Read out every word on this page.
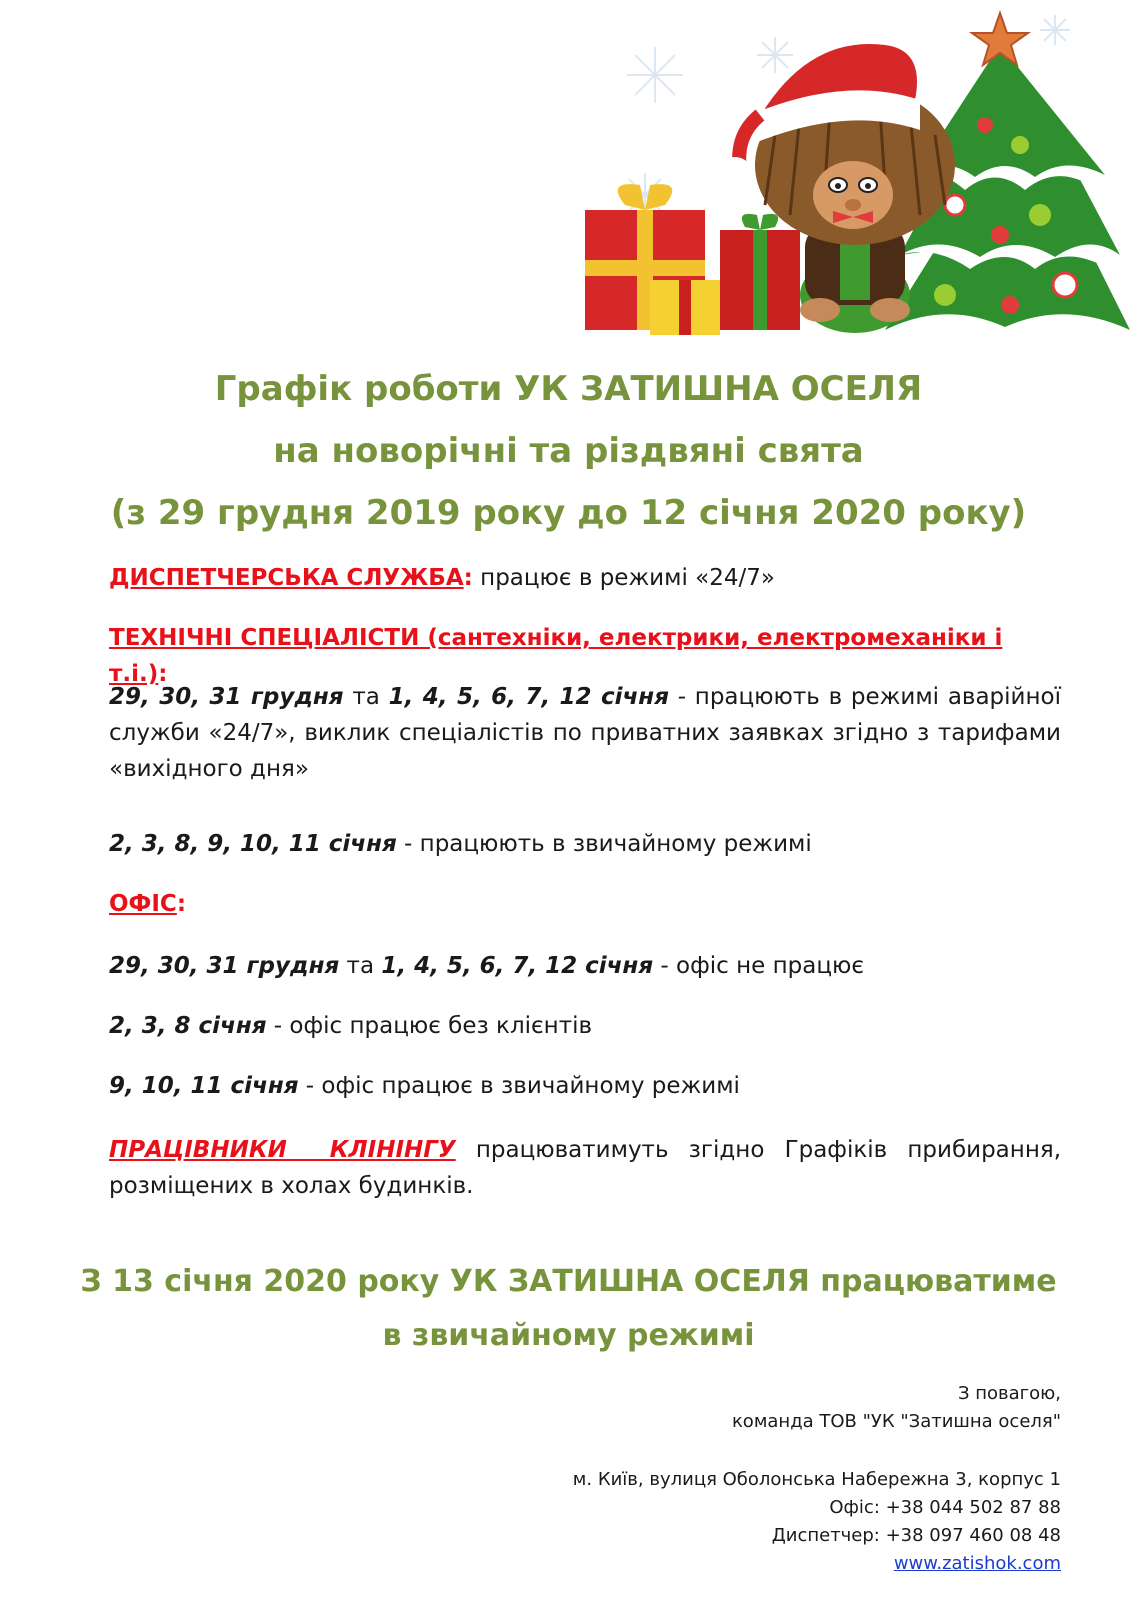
Графік роботи УК ЗАТИШНА ОСЕЛЯ
на новорічні та різдвяні свята
(з 29 грудня 2019 року до 12 січня 2020 року)

ДИСПЕТЧЕРСЬКА СЛУЖБА: працює в режимі «24/7»

ТЕХНІЧНІ СПЕЦІАЛІСТИ (сантехніки, електрики, електромеханіки і т.і.):

29, 30, 31 грудня та 1, 4, 5, 6, 7, 12 січня - працюють в режимі аварійної служби «24/7», виклик спеціалістів по приватних заявках згідно з тарифами «вихідного дня»

2, 3, 8, 9, 10, 11 січня - працюють в звичайному режимі

ОФІС:

29, 30, 31 грудня та 1, 4, 5, 6, 7, 12 січня - офіс не працює

2, 3, 8 січня - офіс працює без клієнтів

9, 10, 11 січня - офіс працює в звичайному режимі

ПРАЦІВНИКИ КЛІНІНГУ працюватимуть згідно Графіків прибирання, розміщених в холах будинків.

З 13 січня 2020 року УК ЗАТИШНА ОСЕЛЯ працюватиме
в звичайному режимі
З повагою,
команда ТОВ "УК "Затишна оселя"
м. Київ, вулиця Оболонська Набережна 3, корпус 1
Офіс: +38 044 502 87 88
Диспетчер: +38 097 460 08 48
www.zatishok.com
